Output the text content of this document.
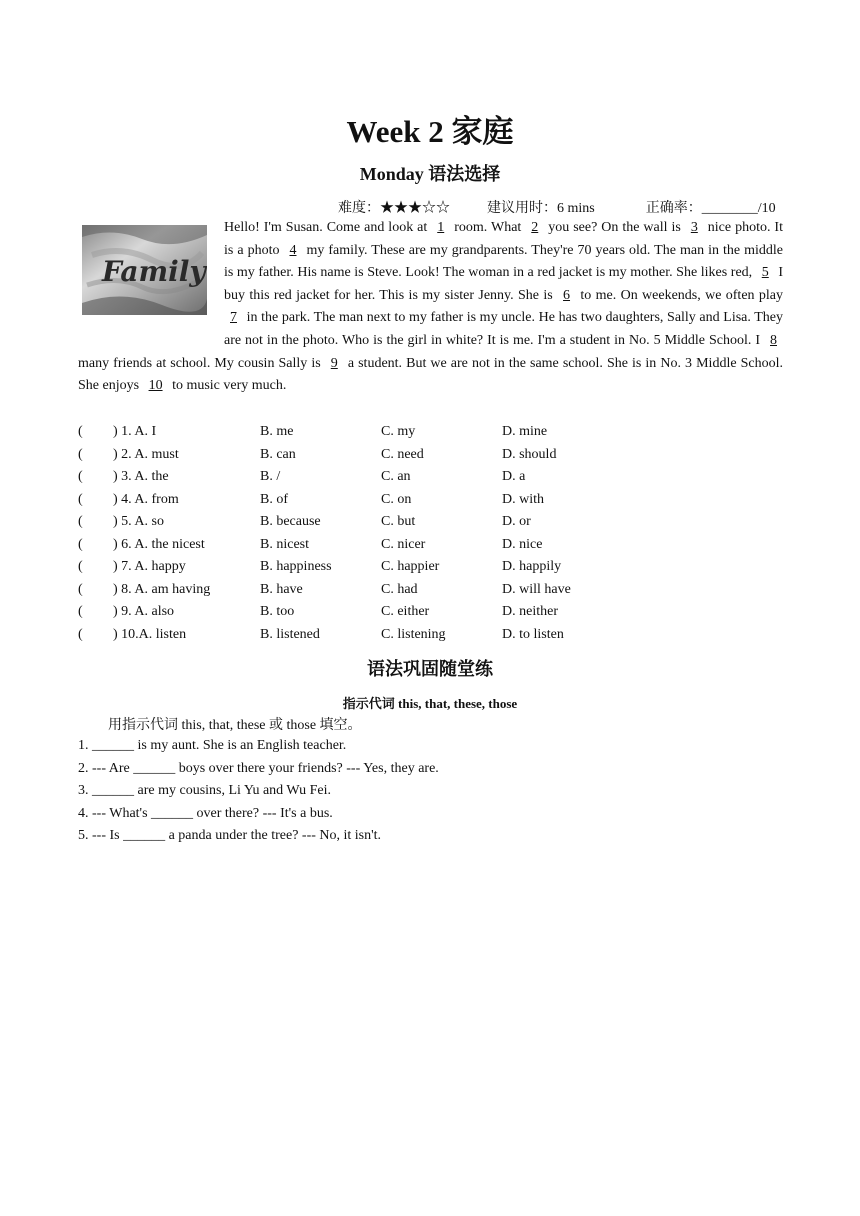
Week 2 家庭
Monday 语法选择
难度：★★★☆☆	建议用时：6 mins	正确率：________/10
Hello! I'm Susan. Come and look at 1 room. What 2 you see? On the wall is 3 nice photo. It is a photo 4 my family. These are my grandparents. They're 70 years old. The man in the middle is my father. His name is Steve. Look! The woman in a red jacket is my mother. She likes red, 5 I buy this red jacket for her. This is my sister Jenny. She is 6 to me. On weekends, we often play 7 in the park. The man next to my father is my uncle. He has two daughters, Sally and Lisa. They are not in the photo. Who is the girl in white? It is me. I'm a student in No. 5 Middle School. I 8 many friends at school. My cousin Sally is 9 a student. But we are not in the same school. She is in No. 3 Middle School. She enjoys 10 to music very much.
Family
( ) 1. A. I	B. me	C. my	D. mine
( ) 2. A. must	B. can	C. need	D. should
( ) 3. A. the	B. /	C. an	D. a
( ) 4. A. from	B. of	C. on	D. with
( ) 5. A. so	B. because	C. but	D. or
( ) 6. A. the nicest	B. nicest	C. nicer	D. nice
( ) 7. A. happy	B. happiness	C. happier	D. happily
( ) 8. A. am having	B. have	C. had	D. will have
( ) 9. A. also	B. too	C. either	D. neither
( ) 10.A. listen	B. listened	C. listening	D. to listen
语法巩固随堂练
指示代词 this, that, these, those
用指示代词 this, that, these 或 those 填空。
1. ______ is my aunt. She is an English teacher.
2. --- Are ______ boys over there your friends? --- Yes, they are.
3. ______ are my cousins, Li Yu and Wu Fei.
4. --- What's ______ over there? --- It's a bus.
5. --- Is ______ a panda under the tree? --- No, it isn't.
